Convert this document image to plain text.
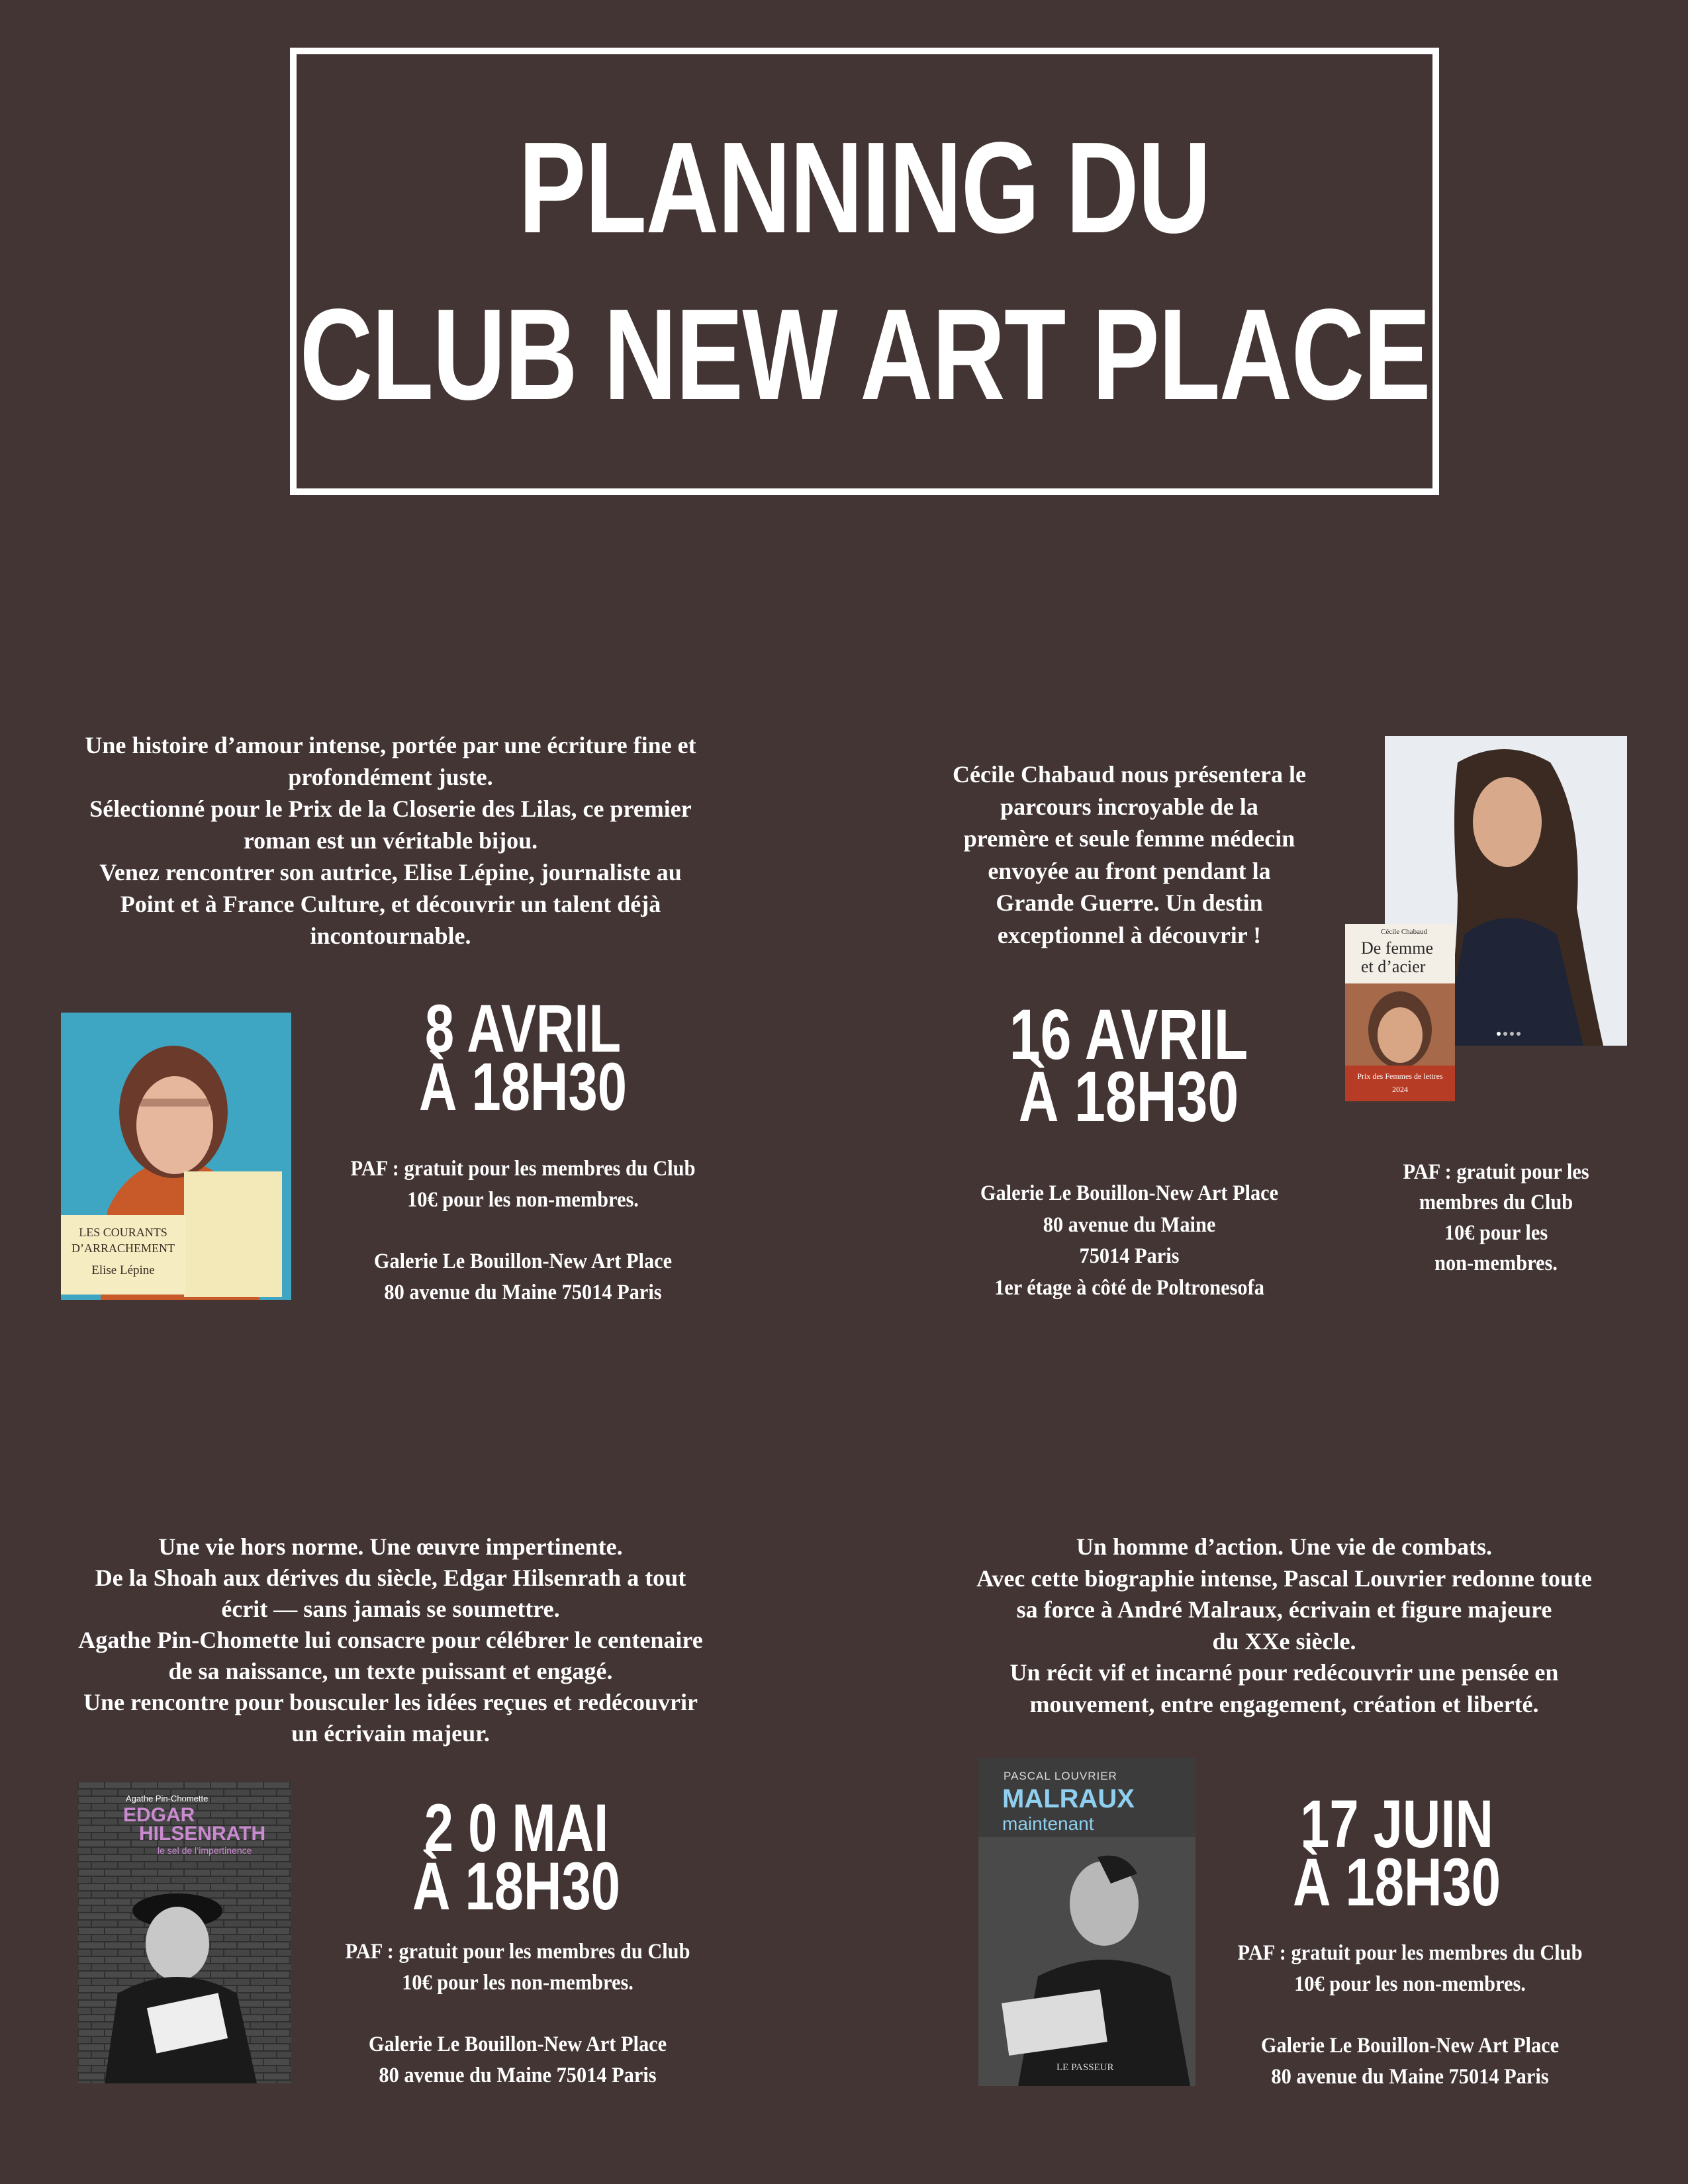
PLANNING DU
CLUB NEW ART PLACE
Une histoire d’amour intense, portée par une écriture fine et
profondément juste.
Sélectionné pour le Prix de la Closerie des Lilas, ce premier
roman est un véritable bijou.
Venez rencontrer son autrice, Elise Lépine, journaliste au
Point et à France Culture, et découvrir un talent déjà
incontournable.
LES COURANTS
D’ARRACHEMENT
Elise Lépine
8 AVRIL
À 18H30
PAF : gratuit pour les membres du Club
10€ pour les non-membres.
Galerie Le Bouillon-New Art Place
80 avenue du Maine 75014 Paris
Cécile Chabaud nous présentera le
parcours incroyable de la
premère et seule femme médecin
envoyée au front pendant la
Grande Guerre. Un destin
exceptionnel à découvrir !	Cécile Chabaud
De femme
et d’acier
Prix des Femmes de lettres
2024
16 AVRIL
À 18H30
Galerie Le Bouillon-New Art Place
80 avenue du Maine
75014 Paris
1er étage à côté de Poltronesofa
PAF : gratuit pour les
membres du Club
10€ pour les
non-membres.
Une vie hors norme. Une œuvre impertinente.
De la Shoah aux dérives du siècle, Edgar Hilsenrath a tout
écrit — sans jamais se soumettre.
Agathe Pin-Chomette lui consacre pour célébrer le centenaire
de sa naissance, un texte puissant et engagé.
Une rencontre pour bousculer les idées reçues et redécouvrir
un écrivain majeur.
Agathe Pin-Chomette
EDGAR
HILSENRATH
le sel de l’impertinence	2 0 MAI
À 18H30
PAF : gratuit pour les membres du Club
10€ pour les non-membres.
Galerie Le Bouillon-New Art Place
80 avenue du Maine 75014 Paris
Un homme d’action. Une vie de combats.
Avec cette biographie intense, Pascal Louvrier redonne toute
sa force à André Malraux, écrivain et figure majeure
du XXe siècle.
Un récit vif et incarné pour redécouvrir une pensée en
mouvement, entre engagement, création et liberté.
PASCAL LOUVRIER
MALRAUX
maintenant
LE PASSEUR
17 JUIN
À 18H30
PAF : gratuit pour les membres du Club
10€ pour les non-membres.
Galerie Le Bouillon-New Art Place
80 avenue du Maine 75014 Paris
